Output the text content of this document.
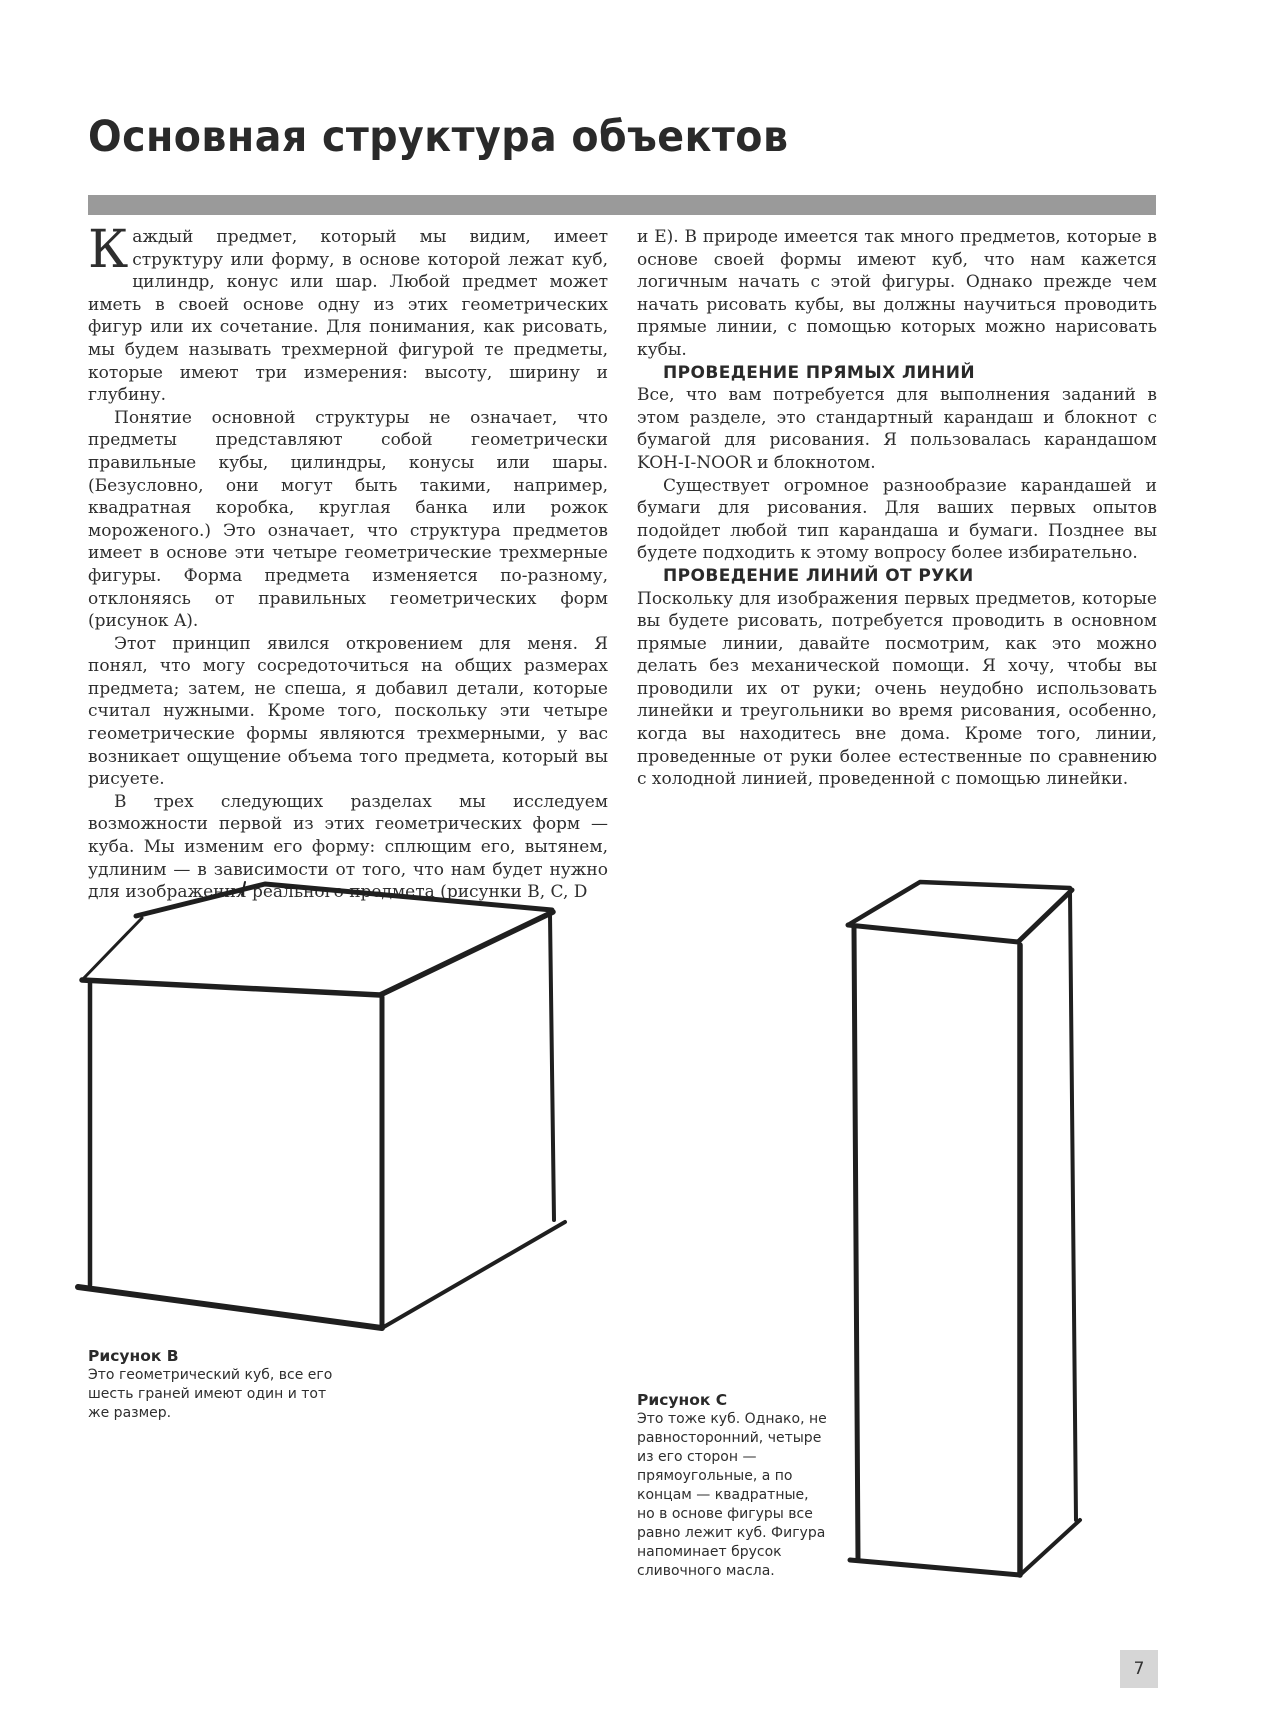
Основная структура объектов

Каждый предмет, который мы видим, имеет структуру или форму, в основе которой лежат куб, цилиндр, конус или шар. Любой предмет может иметь в своей основе одну из этих геометрических фигур или их сочетание. Для понимания, как рисовать, мы будем называть трехмерной фигурой те предметы, которые имеют три измерения: высоту, ширину и глубину.

Понятие основной структуры не означает, что предметы представляют собой геометрически правильные кубы, цилиндры, конусы или шары. (Безусловно, они могут быть такими, например, квадратная коробка, круглая банка или рожок мороженого.) Это означает, что структура предметов имеет в основе эти четыре геометрические трехмерные фигуры. Форма предмета изменяется по-разному, отклоняясь от правильных геометрических форм (рисунок A).

Этот принцип явился откровением для меня. Я понял, что могу сосредоточиться на общих размерах предмета; затем, не спеша, я добавил детали, которые считал нужными. Кроме того, поскольку эти четыре геометрические формы являются трехмерными, у вас возникает ощущение объема того предмета, который вы рисуете.

В трех следующих разделах мы исследуем возможности первой из этих геометрических форм — куба. Мы изменим его форму: сплющим его, вытянем, удлиним — в зависимости от того, что нам будет нужно для изображения реального предмета (рисунки B, C, D

и E). В природе имеется так много предметов, которые в основе своей формы имеют куб, что нам кажется логичным начать с этой фигуры. Однако прежде чем начать рисовать кубы, вы должны научиться проводить прямые линии, с помощью которых можно нарисовать кубы.

ПРОВЕДЕНИЕ ПРЯМЫХ ЛИНИЙ

Все, что вам потребуется для выполнения заданий в этом разделе, это стандартный карандаш и блокнот с бумагой для рисования. Я пользовалась карандашом KOH-I-NOOR и блокнотом.

Существует огромное разнообразие карандашей и бумаги для рисования. Для ваших первых опытов подойдет любой тип карандаша и бумаги. Позднее вы будете подходить к этому вопросу более избирательно.

ПРОВЕДЕНИЕ ЛИНИЙ ОТ РУКИ

Поскольку для изображения первых предметов, которые вы будете рисовать, потребуется проводить в основном прямые линии, давайте посмотрим, как это можно делать без механической помощи. Я хочу, чтобы вы проводили их от руки; очень неудобно использовать линейки и треугольники во время рисования, особенно, когда вы находитесь вне дома. Кроме того, линии, проведенные от руки более естественные по сравнению с холодной линией, проведенной с помощью линейки.

Рисунок B
Это геометрический куб, все его шесть граней имеют один и тот же размер.
Рисунок C
Это тоже куб. Однако, не равносторонний, четыре из его сторон — прямоугольные, а по концам — квадратные, но в основе фигуры все равно лежит куб. Фигура напоминает брусок сливочного масла.
7
